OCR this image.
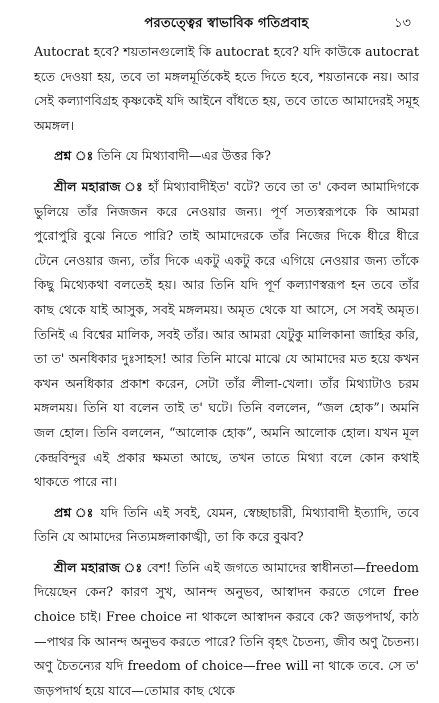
পরতত্ত্বের স্বাভাবিক গতিপ্রবাহ	১৩

Autocrat হবে? শয়তানগুলোই কি autocrat হবে? যদি কাউকে autocrat হতে দেওয়া হয়, তবে তা মঙ্গলমূর্তিকেই হতে দিতে হবে, শয়তানকে নয়। আর সেই কল্যাণবিগ্রহ কৃষ্ণকেই যদি আইনে বাঁধতে হয়, তবে তাতে আমাদেরই সমূহ অমঙ্গল।

প্রশ্ন ঃ তিনি যে মিথ্যাবাদী—এর উত্তর কি?

শ্রীল মহারাজ ঃ হাঁ মিথ্যাবাদীইত' বটে? তবে তা ত' কেবল আমাদিগকে ভুলিয়ে তাঁর নিজজন করে নেওয়ার জন্য। পূর্ণ সত্যস্বরূপকে কি আমরা পুরোপুরি বুঝে নিতে পারি? তাই আমাদেরকে তাঁর নিজের দিকে ধীরে ধীরে টেনে নেওয়ার জন্য, তাঁর দিকে একটু একটু করে এগিয়ে নেওয়ার জন্য তাঁকে কিছু মিথ্যেকথা বলতেই হয়। আর তিনি যদি পূর্ণ কল্যাণস্বরূপ হন তবে তাঁর কাছ থেকে যাই আসুক, সবই মঙ্গলময়। অমৃত থেকে যা আসে, সে সবই অমৃত। তিনিই এ বিশ্বের মালিক, সবই তাঁর। আর আমরা যেটুকু মালিকানা জাহির করি, তা ত' অনধিকার দুঃসাহস! আর তিনি মাঝে মাঝে যে আমাদের মত হয়ে কখন কখন অনধিকার প্রকাশ করেন, সেটা তাঁর লীলা-খেলা। তাঁর মিথ্যাটাও চরম মঙ্গলময়। তিনি যা বলেন তাই ত' ঘটে। তিনি বললেন, “জল হোক”। অমনি জল হোল। তিনি বললেন, “আলোক হোক”, অমনি আলোক হোল। যখন মূল কেন্দ্রবিন্দুর এই প্রকার ক্ষমতা আছে, তখন তাতে মিথ্যা বলে কোন কথাই থাকতে পারে না।

প্রশ্ন ঃ যদি তিনি এই সবই, যেমন, স্বেচ্ছাচারী, মিথ্যাবাদী ইত্যাদি, তবে তিনি যে আমাদের নিত্যমঙ্গলাকাঙ্খী, তা কি করে বুঝব?

শ্রীল মহারাজ ঃ বেশ! তিনি এই জগতে আমাদের স্বাধীনতা—freedom দিয়েছেন কেন? কারণ সুখ, আনন্দ অনুভব, আস্বাদন করতে গেলে free choice চাই। Free choice না থাকলে আস্বাদন করবে কে? জড়পদার্থ, কাঠ—পাথর কি আনন্দ অনুভব করতে পারে? তিনি বৃহৎ চৈতন্য, জীব অণু চৈতন্য। অণু চৈতন্যের যদি freedom of choice—free will না থাকে তবে. সে ত' জড়পদার্থ হয়ে যাবে—তোমার কাছ থেকে
